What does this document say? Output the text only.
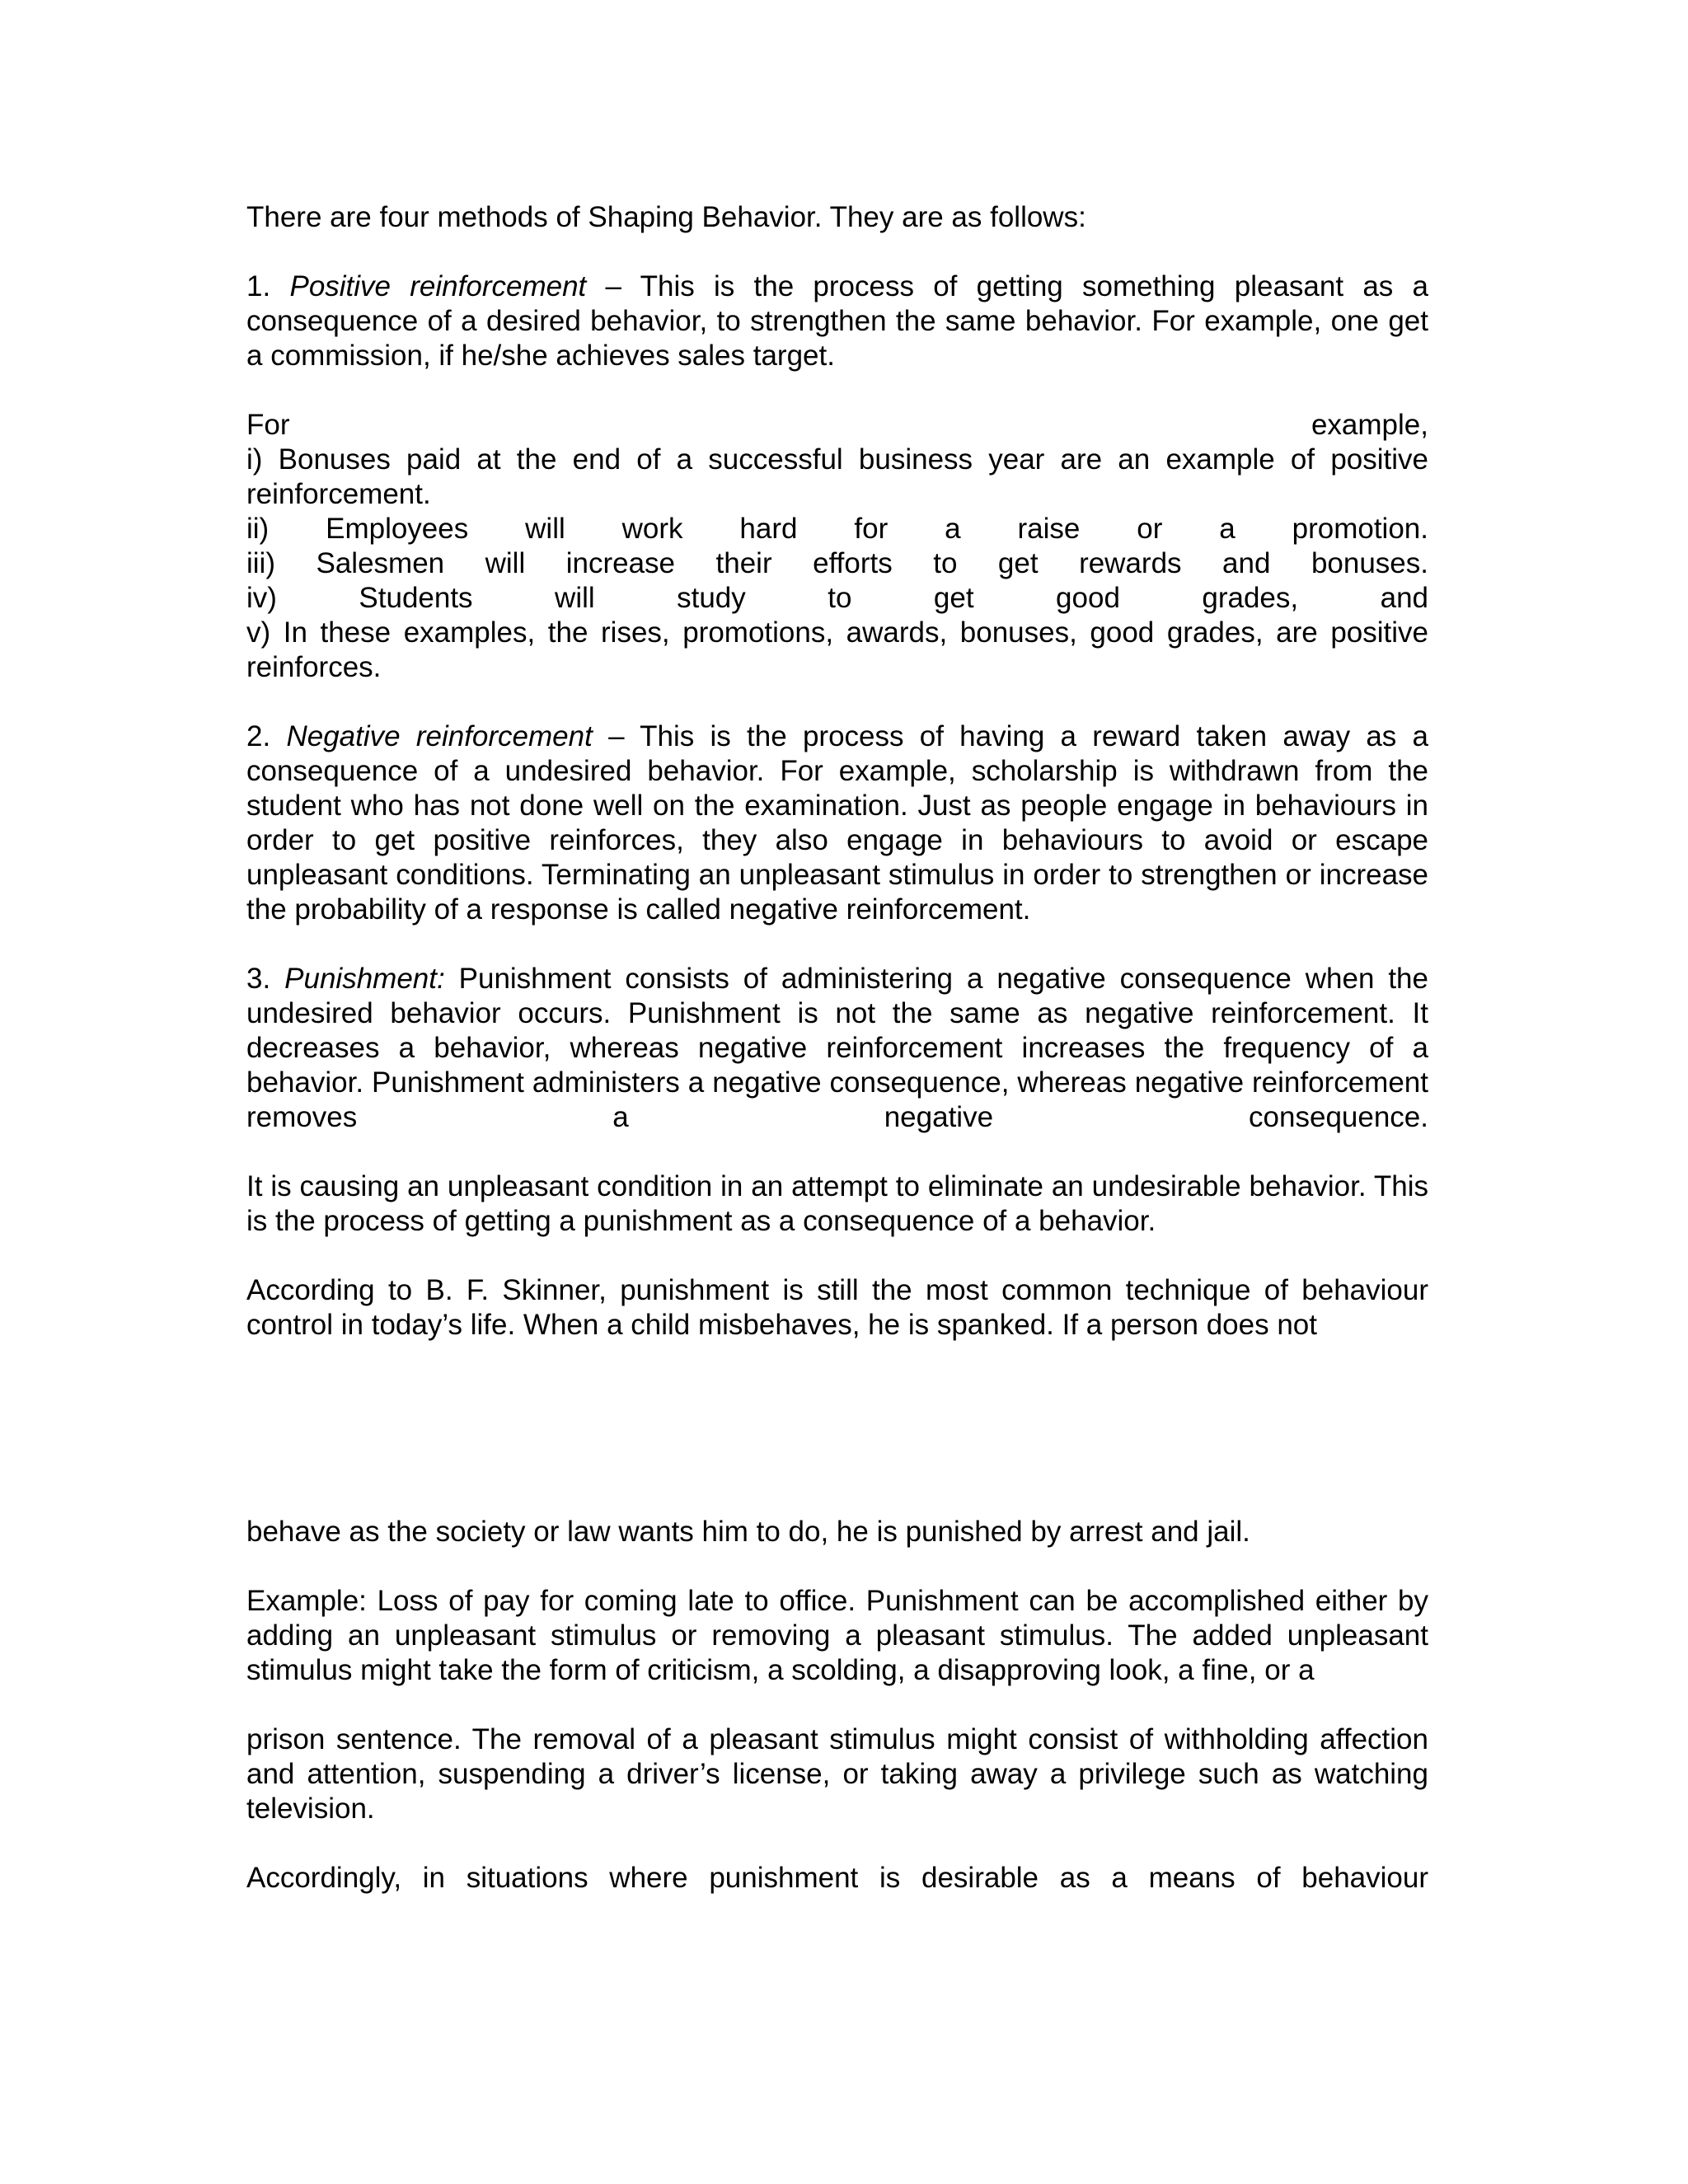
There are four methods of Shaping Behavior. They are as follows:

1. Positive reinforcement – This is the process of getting something pleasant as a consequence of a desired behavior, to strengthen the same behavior. For example, one get a commission, if he/she achieves sales target.

For	example,

i) Bonuses paid at the end of a successful business year are an example of positive reinforcement.

ii) Employees will work hard for a raise or a promotion.

iii) Salesmen will increase their efforts to get rewards and bonuses.

iv) Students will study to get good grades, and

v) In these examples, the rises, promotions, awards, bonuses, good grades, are positive reinforces.

2. Negative reinforcement – This is the process of having a reward taken away as a consequence of a undesired behavior. For example, scholarship is withdrawn from the student who has not done well on the examination. Just as people engage in behaviours in order to get positive reinforces, they also engage in behaviours to avoid or escape unpleasant conditions. Terminating an unpleasant stimulus in order to strengthen or increase the probability of a response is called negative reinforcement.

3. Punishment: Punishment consists of administering a negative consequence when the undesired behavior occurs. Punishment is not the same as negative reinforcement. It decreases a behavior, whereas negative reinforcement increases the frequency of a behavior. Punishment administers a negative consequence, whereas negative reinforcement removes a negative consequence.

It is causing an unpleasant condition in an attempt to eliminate an undesirable behavior. This is the process of getting a punishment as a consequence of a behavior.

According to B. F. Skinner, punishment is still the most common technique of behaviour control in today’s life. When a child misbehaves, he is spanked. If a person does not

behave as the society or law wants him to do, he is punished by arrest and jail.

Example: Loss of pay for coming late to office. Punishment can be accomplished either by adding an unpleasant stimulus or removing a pleasant stimulus. The added unpleasant stimulus might take the form of criticism, a scolding, a disapproving look, a fine, or a

prison sentence. The removal of a pleasant stimulus might consist of withholding affection and attention, suspending a driver’s license, or taking away a privilege such as watching television.

Accordingly, in situations where punishment is desirable as a means of behaviour
